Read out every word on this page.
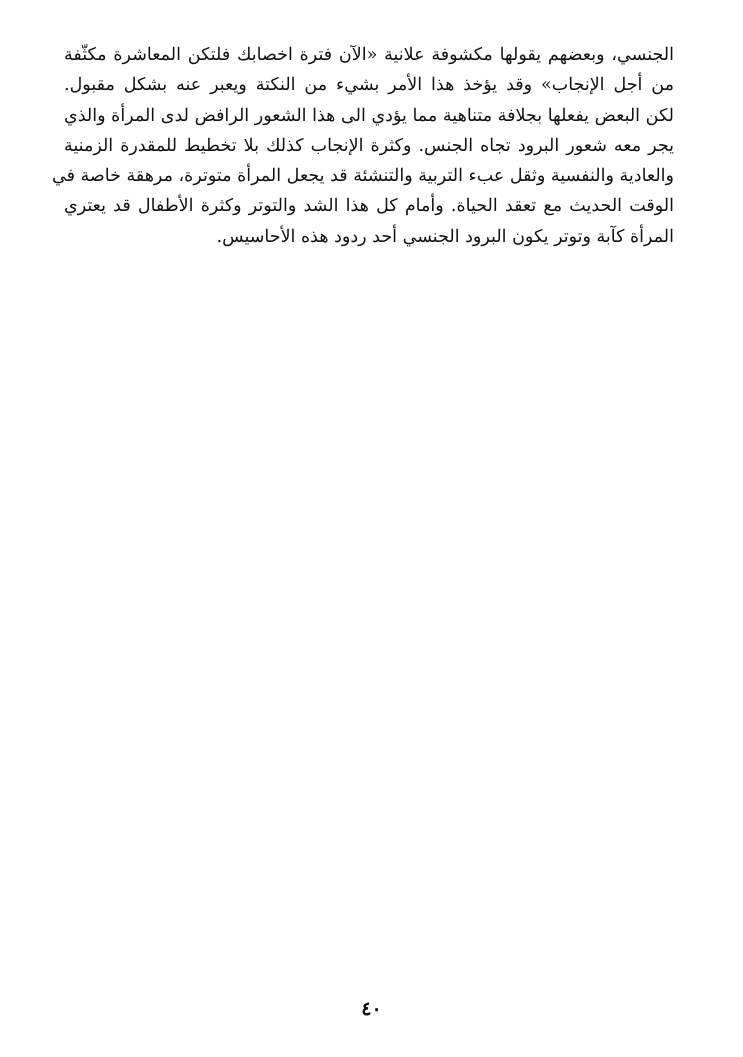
الجنسي، وبعضهم يقولها مكشوفة علانية «الآن فترة اخصابك فلتكن المعاشرة مكثّفة
من أجل الإنجاب» وقد يؤخذ هذا الأمر بشيء من النكتة ويعبر عنه بشكل مقبول.
لكن البعض يفعلها بجلافة متناهية مما يؤدي الى هذا الشعور الرافض لدى المرأة والذي
يجر معه شعور البرود تجاه الجنس. وكثرة الإنجاب كذلك بلا تخطيط للمقدرة الزمنية
والعادية والنفسية وثقل عبء التربية والتنشئة قد يجعل المرأة متوترة، مرهقة خاصة في
الوقت الحديث مع تعقد الحياة. وأمام كل هذا الشد والتوتر وكثرة الأطفال قد يعتري
المرأة كآبة وتوتر يكون البرود الجنسي أحد ردود هذه الأحاسيس.
٤٠
